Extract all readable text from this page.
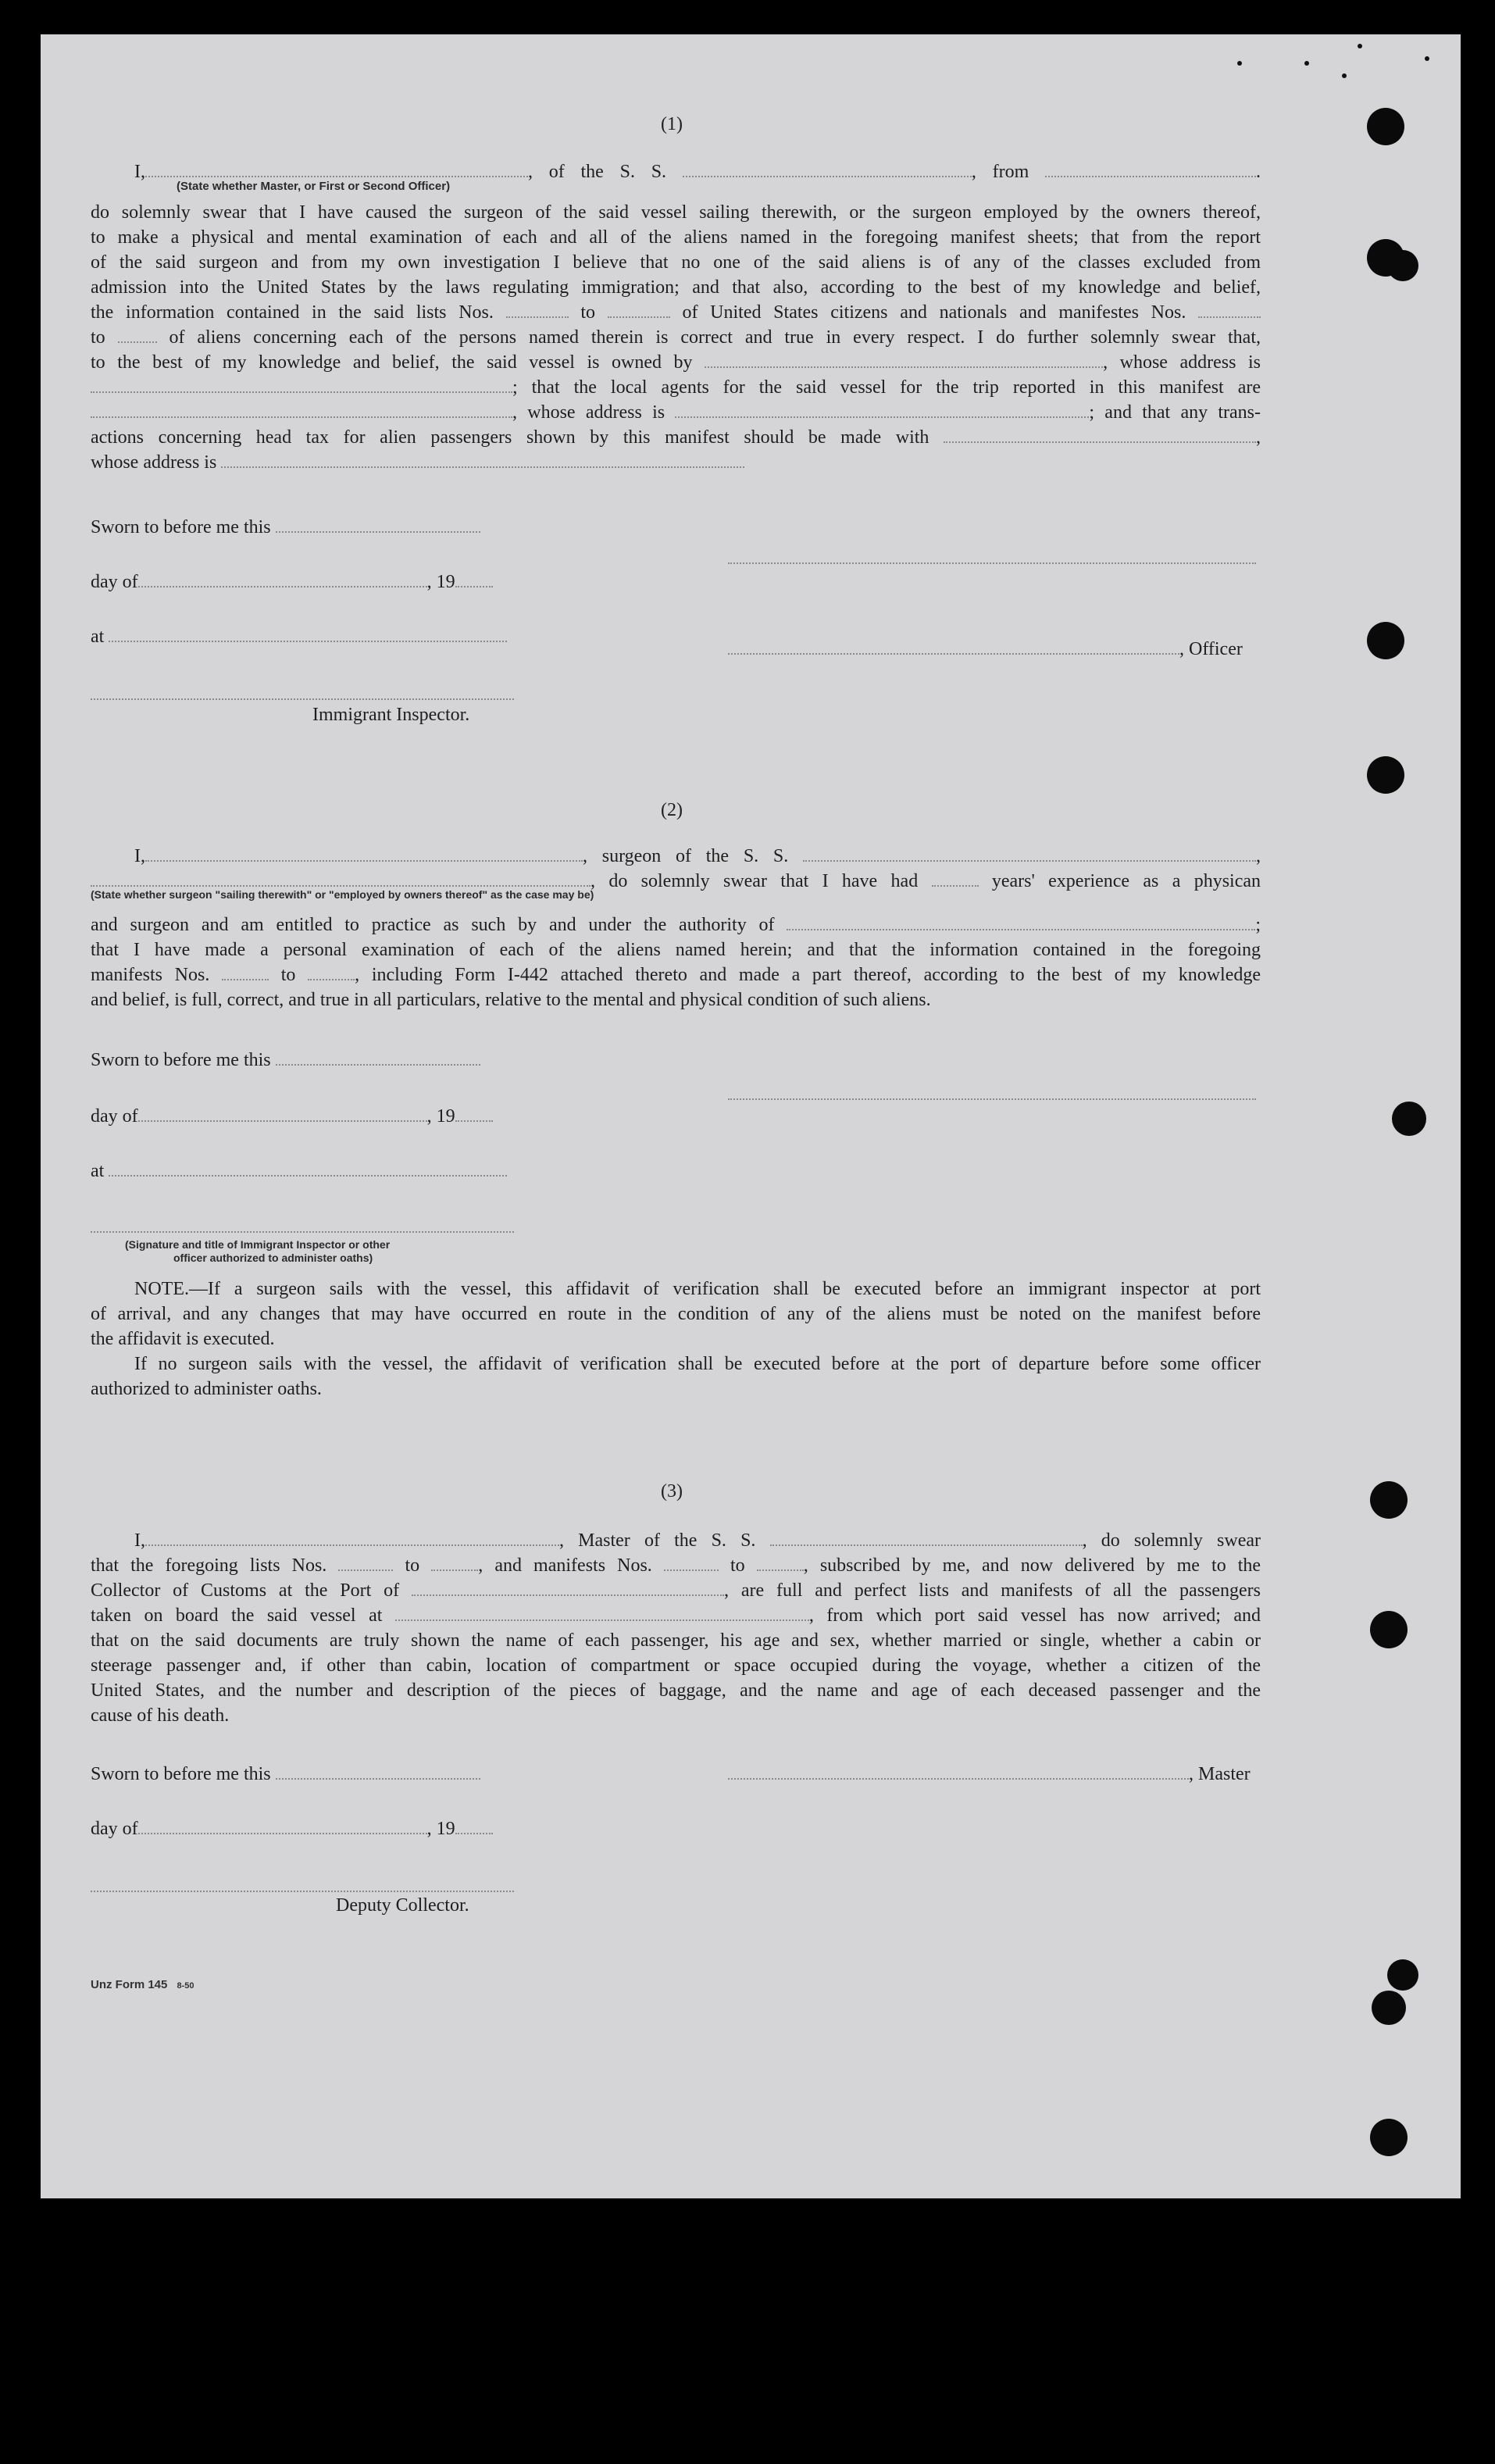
(1)
I,	, of the S. S.	, from	.
(State whether Master, or First or Second Officer)

do solemnly swear that I have caused the surgeon of the said vessel sailing therewith, or the surgeon employed by the owners thereof,

to make a physical and mental examination of each and all of the aliens named in the foregoing manifest sheets; that from the report

of the said surgeon and from my own investigation I believe that no one of the said aliens is of any of the classes excluded from

admission into the United States by the laws regulating immigration; and that also, according to the best of my knowledge and belief,

the information contained in the said lists Nos.	to	of United States citizens and nationals and manifestes Nos.
to	of aliens concerning each of the persons named therein is correct and true in every respect. I do further solemnly swear that,
to the best of my knowledge and belief, the said vessel is owned by	, whose address is
; that the local agents for the said vessel for the trip reported in this manifest are
, whose address is	; and that any trans-
actions concerning head tax for alien passengers shown by this manifest should be made with	,
whose address is
Sworn to before me this
day of	, 19
at
, Officer
Immigrant Inspector.
(2)
I,	, surgeon of the S. S.	,
, do solemnly swear that I have had	years' experience as a physican
(State whether surgeon "sailing therewith" or "employed by owners thereof" as the case may be)
and surgeon and am entitled to practice as such by and under the authority of	;

that I have made a personal examination of each of the aliens named herein; and that the information contained in the foregoing

manifests Nos.	to	, including Form I-442 attached thereto and made a part thereof, according to the best of my knowledge

and belief, is full, correct, and true in all particulars, relative to the mental and physical condition of such aliens.

Sworn to before me this
day of	, 19
at
(Signature and title of Immigrant Inspector or other
officer authorized to administer oaths)
NOTE.—If a surgeon sails with the vessel, this affidavit of verification shall be executed before an immigrant inspector at port

of arrival, and any changes that may have occurred en route in the condition of any of the aliens must be noted on the manifest before

the affidavit is executed.

If no surgeon sails with the vessel, the affidavit of verification shall be executed before at the port of departure before some officer

authorized to administer oaths.

(3)
I,	, Master of the S. S.	, do solemnly swear
that the foregoing lists Nos.	to	, and manifests Nos.	to	, subscribed by me, and now delivered by me to the
Collector of Customs at the Port of	, are full and perfect lists and manifests of all the passengers
taken on board the said vessel at	, from which port said vessel has now arrived; and

that on the said documents are truly shown the name of each passenger, his age and sex, whether married or single, whether a cabin or

steerage passenger and, if other than cabin, location of compartment or space occupied during the voyage, whether a citizen of the

United States, and the number and description of the pieces of baggage, and the name and age of each deceased passenger and the

cause of his death.

Sworn to before me this	, Master
day of	, 19
Deputy Collector.
Unz Form 145 8-50
